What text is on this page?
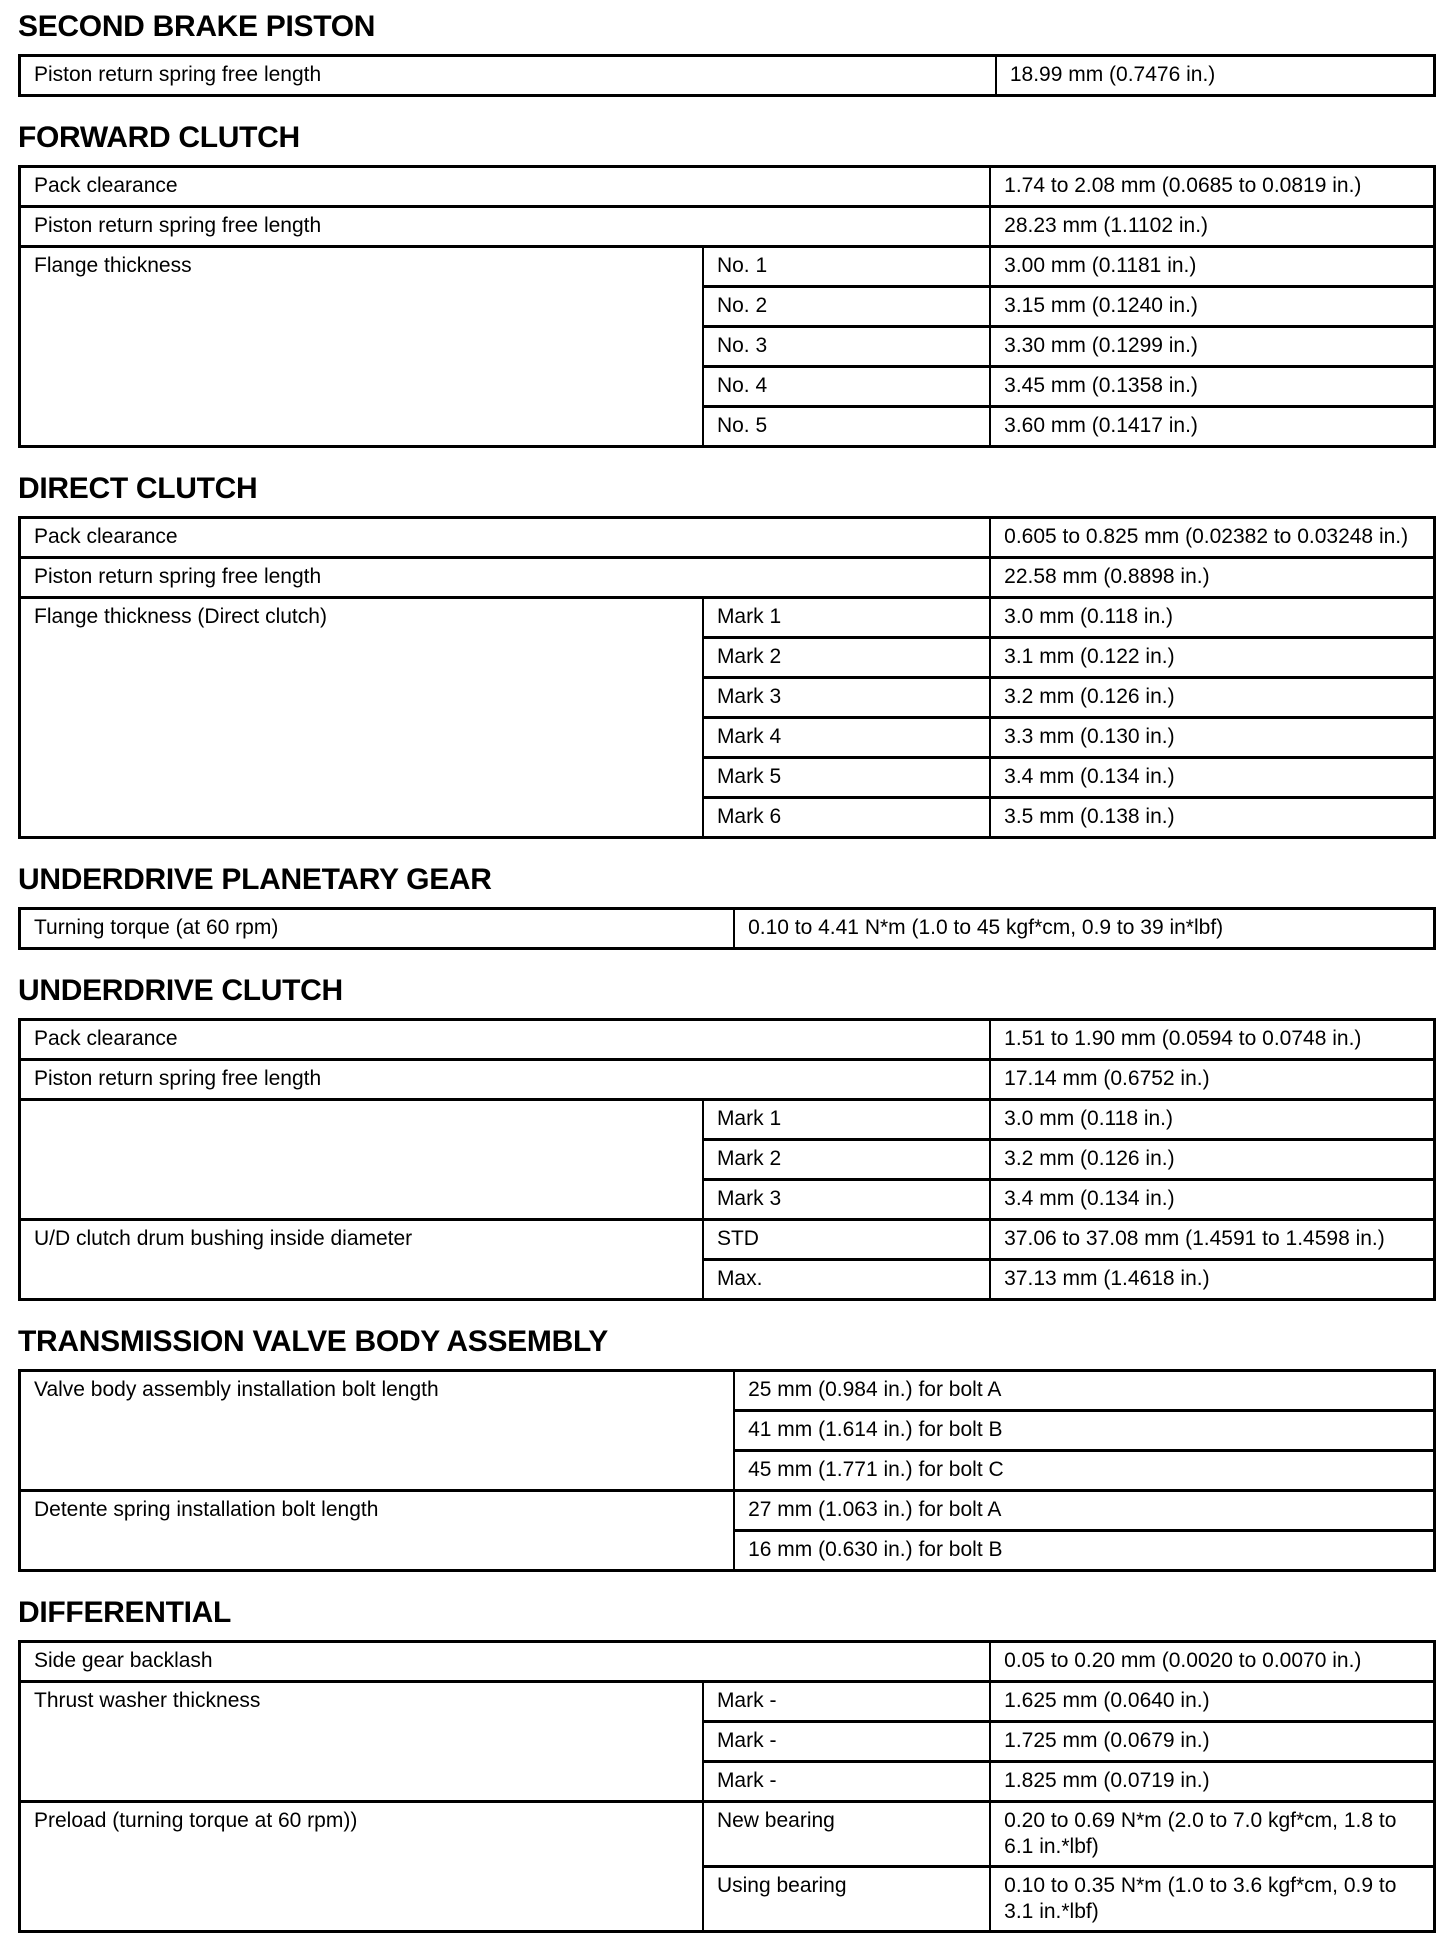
SECOND BRAKE PISTON
Piston return spring free length	18.99 mm (0.7476 in.)
FORWARD CLUTCH
Pack clearance		1.74 to 2.08 mm (0.0685 to 0.0819 in.)
Piston return spring free length		28.23 mm (1.1102 in.)
Flange thickness	No. 1	3.00 mm (0.1181 in.)
	No. 2	3.15 mm (0.1240 in.)
	No. 3	3.30 mm (0.1299 in.)
	No. 4	3.45 mm (0.1358 in.)
	No. 5	3.60 mm (0.1417 in.)
DIRECT CLUTCH
Pack clearance		0.605 to 0.825 mm (0.02382 to 0.03248 in.)
Piston return spring free length		22.58 mm (0.8898 in.)
Flange thickness (Direct clutch)	Mark 1	3.0 mm (0.118 in.)
	Mark 2	3.1 mm (0.122 in.)
	Mark 3	3.2 mm (0.126 in.)
	Mark 4	3.3 mm (0.130 in.)
	Mark 5	3.4 mm (0.134 in.)
	Mark 6	3.5 mm (0.138 in.)
UNDERDRIVE PLANETARY GEAR
Turning torque (at 60 rpm)	0.10 to 4.41 N*m (1.0 to 45 kgf*cm, 0.9 to 39 in*lbf)
UNDERDRIVE CLUTCH
Pack clearance		1.51 to 1.90 mm (0.0594 to 0.0748 in.)
Piston return spring free length		17.14 mm (0.6752 in.)
	Mark 1	3.0 mm (0.118 in.)
	Mark 2	3.2 mm (0.126 in.)
	Mark 3	3.4 mm (0.134 in.)
U/D clutch drum bushing inside diameter	STD	37.06 to 37.08 mm (1.4591 to 1.4598 in.)
	Max.	37.13 mm (1.4618 in.)
TRANSMISSION VALVE BODY ASSEMBLY
Valve body assembly installation bolt length	25 mm (0.984 in.) for bolt A
	41 mm (1.614 in.) for bolt B
	45 mm (1.771 in.) for bolt C
Detente spring installation bolt length	27 mm (1.063 in.) for bolt A
	16 mm (0.630 in.) for bolt B
DIFFERENTIAL
Side gear backlash		0.05 to 0.20 mm (0.0020 to 0.0070 in.)
Thrust washer thickness	Mark -	1.625 mm (0.0640 in.)
	Mark -	1.725 mm (0.0679 in.)
	Mark -	1.825 mm (0.0719 in.)
Preload (turning torque at 60 rpm))	New bearing	0.20 to 0.69 N*m (2.0 to 7.0 kgf*cm, 1.8 to 6.1 in.*lbf)
	Using bearing	0.10 to 0.35 N*m (1.0 to 3.6 kgf*cm, 0.9 to 3.1 in.*lbf)
